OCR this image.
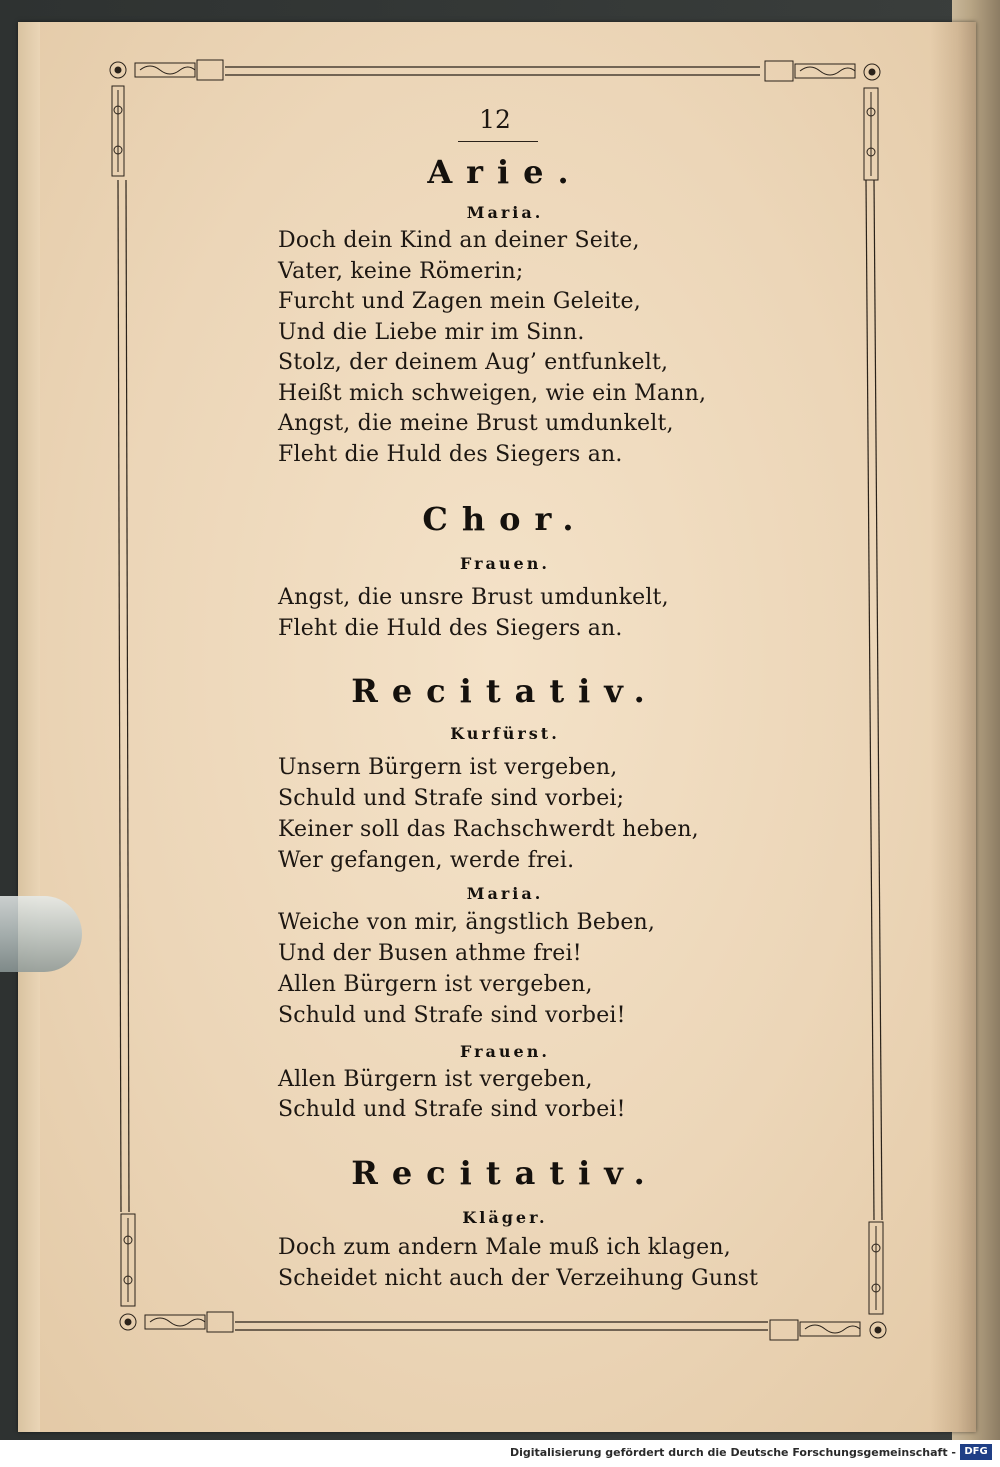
12
Arie.
Maria.
Doch dein Kind an deiner Seite,
Vater, keine Römerin;
Furcht und Zagen mein Geleite,
Und die Liebe mir im Sinn.
Stolz, der deinem Aug’ entfunkelt,
Heißt mich schweigen, wie ein Mann,
Angst, die meine Brust umdunkelt,
Fleht die Huld des Siegers an.
Chor.
Frauen.
Angst, die unsre Brust umdunkelt,
Fleht die Huld des Siegers an.
Recitativ.
Kurfürst.
Unsern Bürgern ist vergeben,
Schuld und Strafe sind vorbei;
Keiner soll das Rachschwerdt heben,
Wer gefangen, werde frei.
Maria.
Weiche von mir, ängstlich Beben,
Und der Busen athme frei!
Allen Bürgern ist vergeben,
Schuld und Strafe sind vorbei!
Frauen.
Allen Bürgern ist vergeben,
Schuld und Strafe sind vorbei!
Recitativ.
Kläger.
Doch zum andern Male muß ich klagen,
Scheidet nicht auch der Verzeihung Gunst
Digitalisierung gefördert durch die Deutsche Forschungsgemeinschaft - DFG
